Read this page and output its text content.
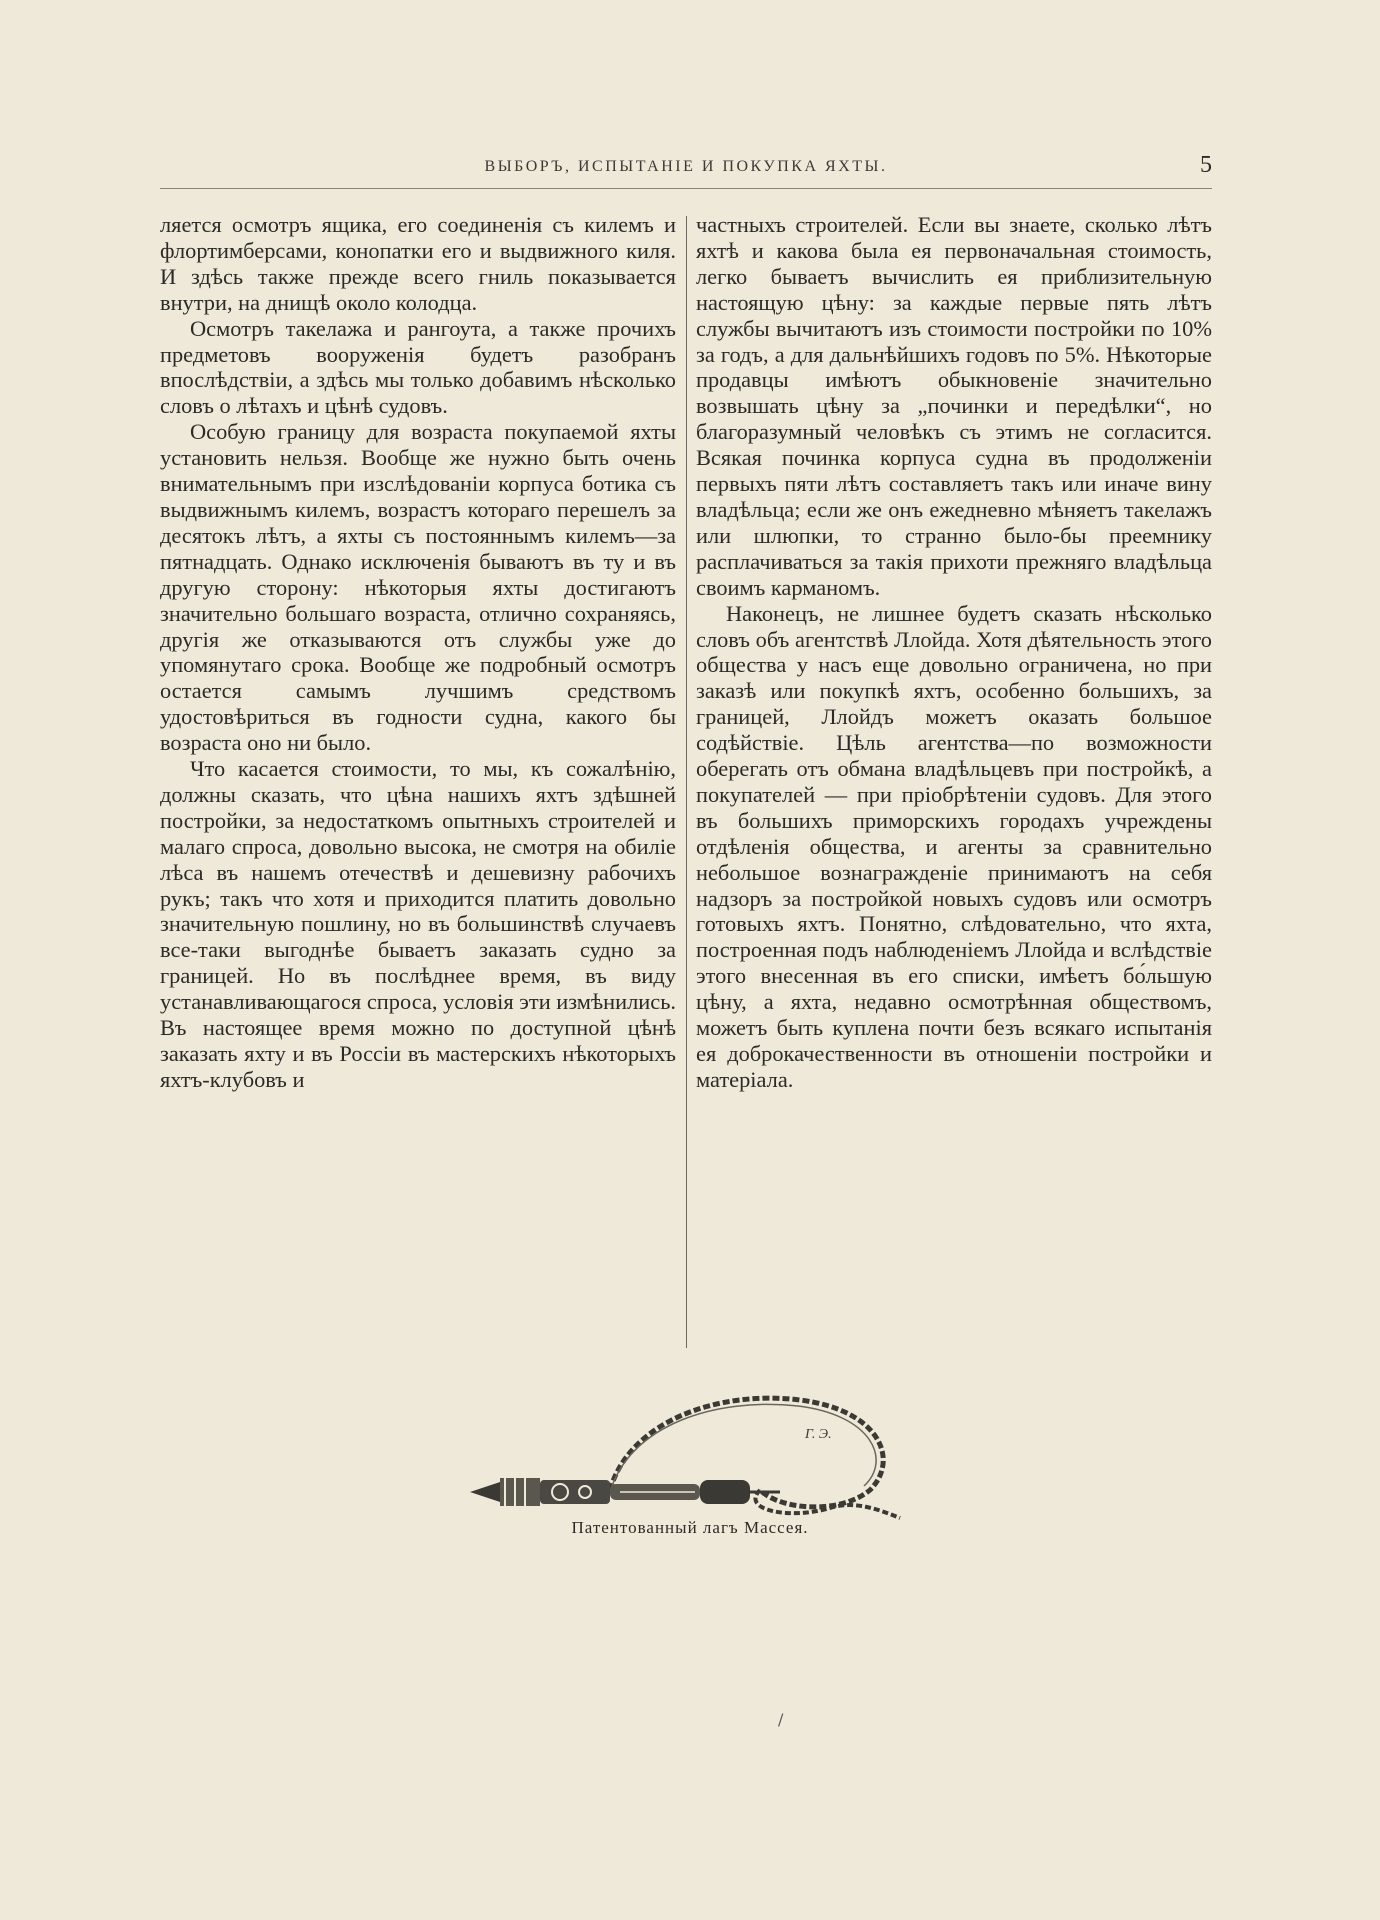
ВЫБОРЪ, ИСПЫТАНІЕ И ПОКУПКА ЯХТЫ.	5

ляется осмотръ ящика, его соединенія съ килемъ и флортимберсами, конопатки его и выдвижного киля. И здѣсь также прежде всего гниль показывается внутри, на днищѣ около колодца.

Осмотръ такелажа и рангоута, а также прочихъ предметовъ вооруженія будетъ разобранъ впослѣдствіи, а здѣсь мы только добавимъ нѣсколько словъ о лѣтахъ и цѣнѣ судовъ.

Особую границу для возраста покупаемой яхты установить нельзя. Вообще же нужно быть очень внимательнымъ при изслѣдованіи корпуса ботика съ выдвижнымъ килемъ, возрастъ котораго перешелъ за десятокъ лѣтъ, а яхты съ постояннымъ килемъ—за пятнадцать. Однако исключенія бываютъ въ ту и въ другую сторону: нѣкоторыя яхты достигаютъ значительно большаго возраста, отлично сохраняясь, другія же отказываются отъ службы уже до упомянутаго срока. Вообще же подробный осмотръ остается самымъ лучшимъ средствомъ удостовѣриться въ годности судна, какого бы возраста оно ни было.

Что касается стоимости, то мы, къ сожалѣнію, должны сказать, что цѣна нашихъ яхтъ здѣшней постройки, за недостаткомъ опытныхъ строителей и малаго спроса, довольно высока, не смотря на обиліе лѣса въ нашемъ отечествѣ и дешевизну рабочихъ рукъ; такъ что хотя и приходится платить довольно значительную пошлину, но въ большинствѣ случаевъ все-таки выгоднѣе бываетъ заказать судно за границей. Но въ послѣднее время, въ виду устанавливающагося спроса, условія эти измѣнились. Въ настоящее время можно по доступной цѣнѣ заказать яхту и въ Россіи въ мастерскихъ нѣкоторыхъ яхтъ-клубовъ и

частныхъ строителей. Если вы знаете, сколько лѣтъ яхтѣ и какова была ея первоначальная стоимость, легко бываетъ вычислить ея приблизительную настоящую цѣну: за каждые первые пять лѣтъ службы вычитаютъ изъ стоимости постройки по 10% за годъ, а для дальнѣйшихъ годовъ по 5%. Нѣкоторые продавцы имѣютъ обыкновеніе значительно возвышать цѣну за „починки и передѣлки“, но благоразумный человѣкъ съ этимъ не согласится. Всякая починка корпуса судна въ продолженіи первыхъ пяти лѣтъ составляетъ такъ или иначе вину владѣльца; если же онъ ежедневно мѣняетъ такелажъ или шлюпки, то странно было-бы преемнику расплачиваться за такія прихоти прежняго владѣльца своимъ карманомъ.

Наконецъ, не лишнее будетъ сказать нѣсколько словъ объ агентствѣ Ллойда. Хотя дѣятельность этого общества у насъ еще довольно ограничена, но при заказѣ или покупкѣ яхтъ, особенно большихъ, за границей, Ллойдъ можетъ оказать большое содѣйствіе. Цѣль агентства—по возможности оберегать отъ обмана владѣльцевъ при постройкѣ, а покупателей — при пріобрѣтеніи судовъ. Для этого въ большихъ приморскихъ городахъ учреждены отдѣленія общества, и агенты за сравнительно небольшое вознагражденіе принимаютъ на себя надзоръ за постройкой новыхъ судовъ или осмотръ готовыхъ яхтъ. Понятно, слѣдовательно, что яхта, построенная подъ наблюденіемъ Ллойда и вслѣдствіе этого внесенная въ его списки, имѣетъ бо́льшую цѣну, а яхта, недавно осмотрѣнная обществомъ, можетъ быть куплена почти безъ всякаго испытанія ея доброкачественности въ отношеніи постройки и матеріала.

Г. Э.
Патентованный лагъ Массея.
/
